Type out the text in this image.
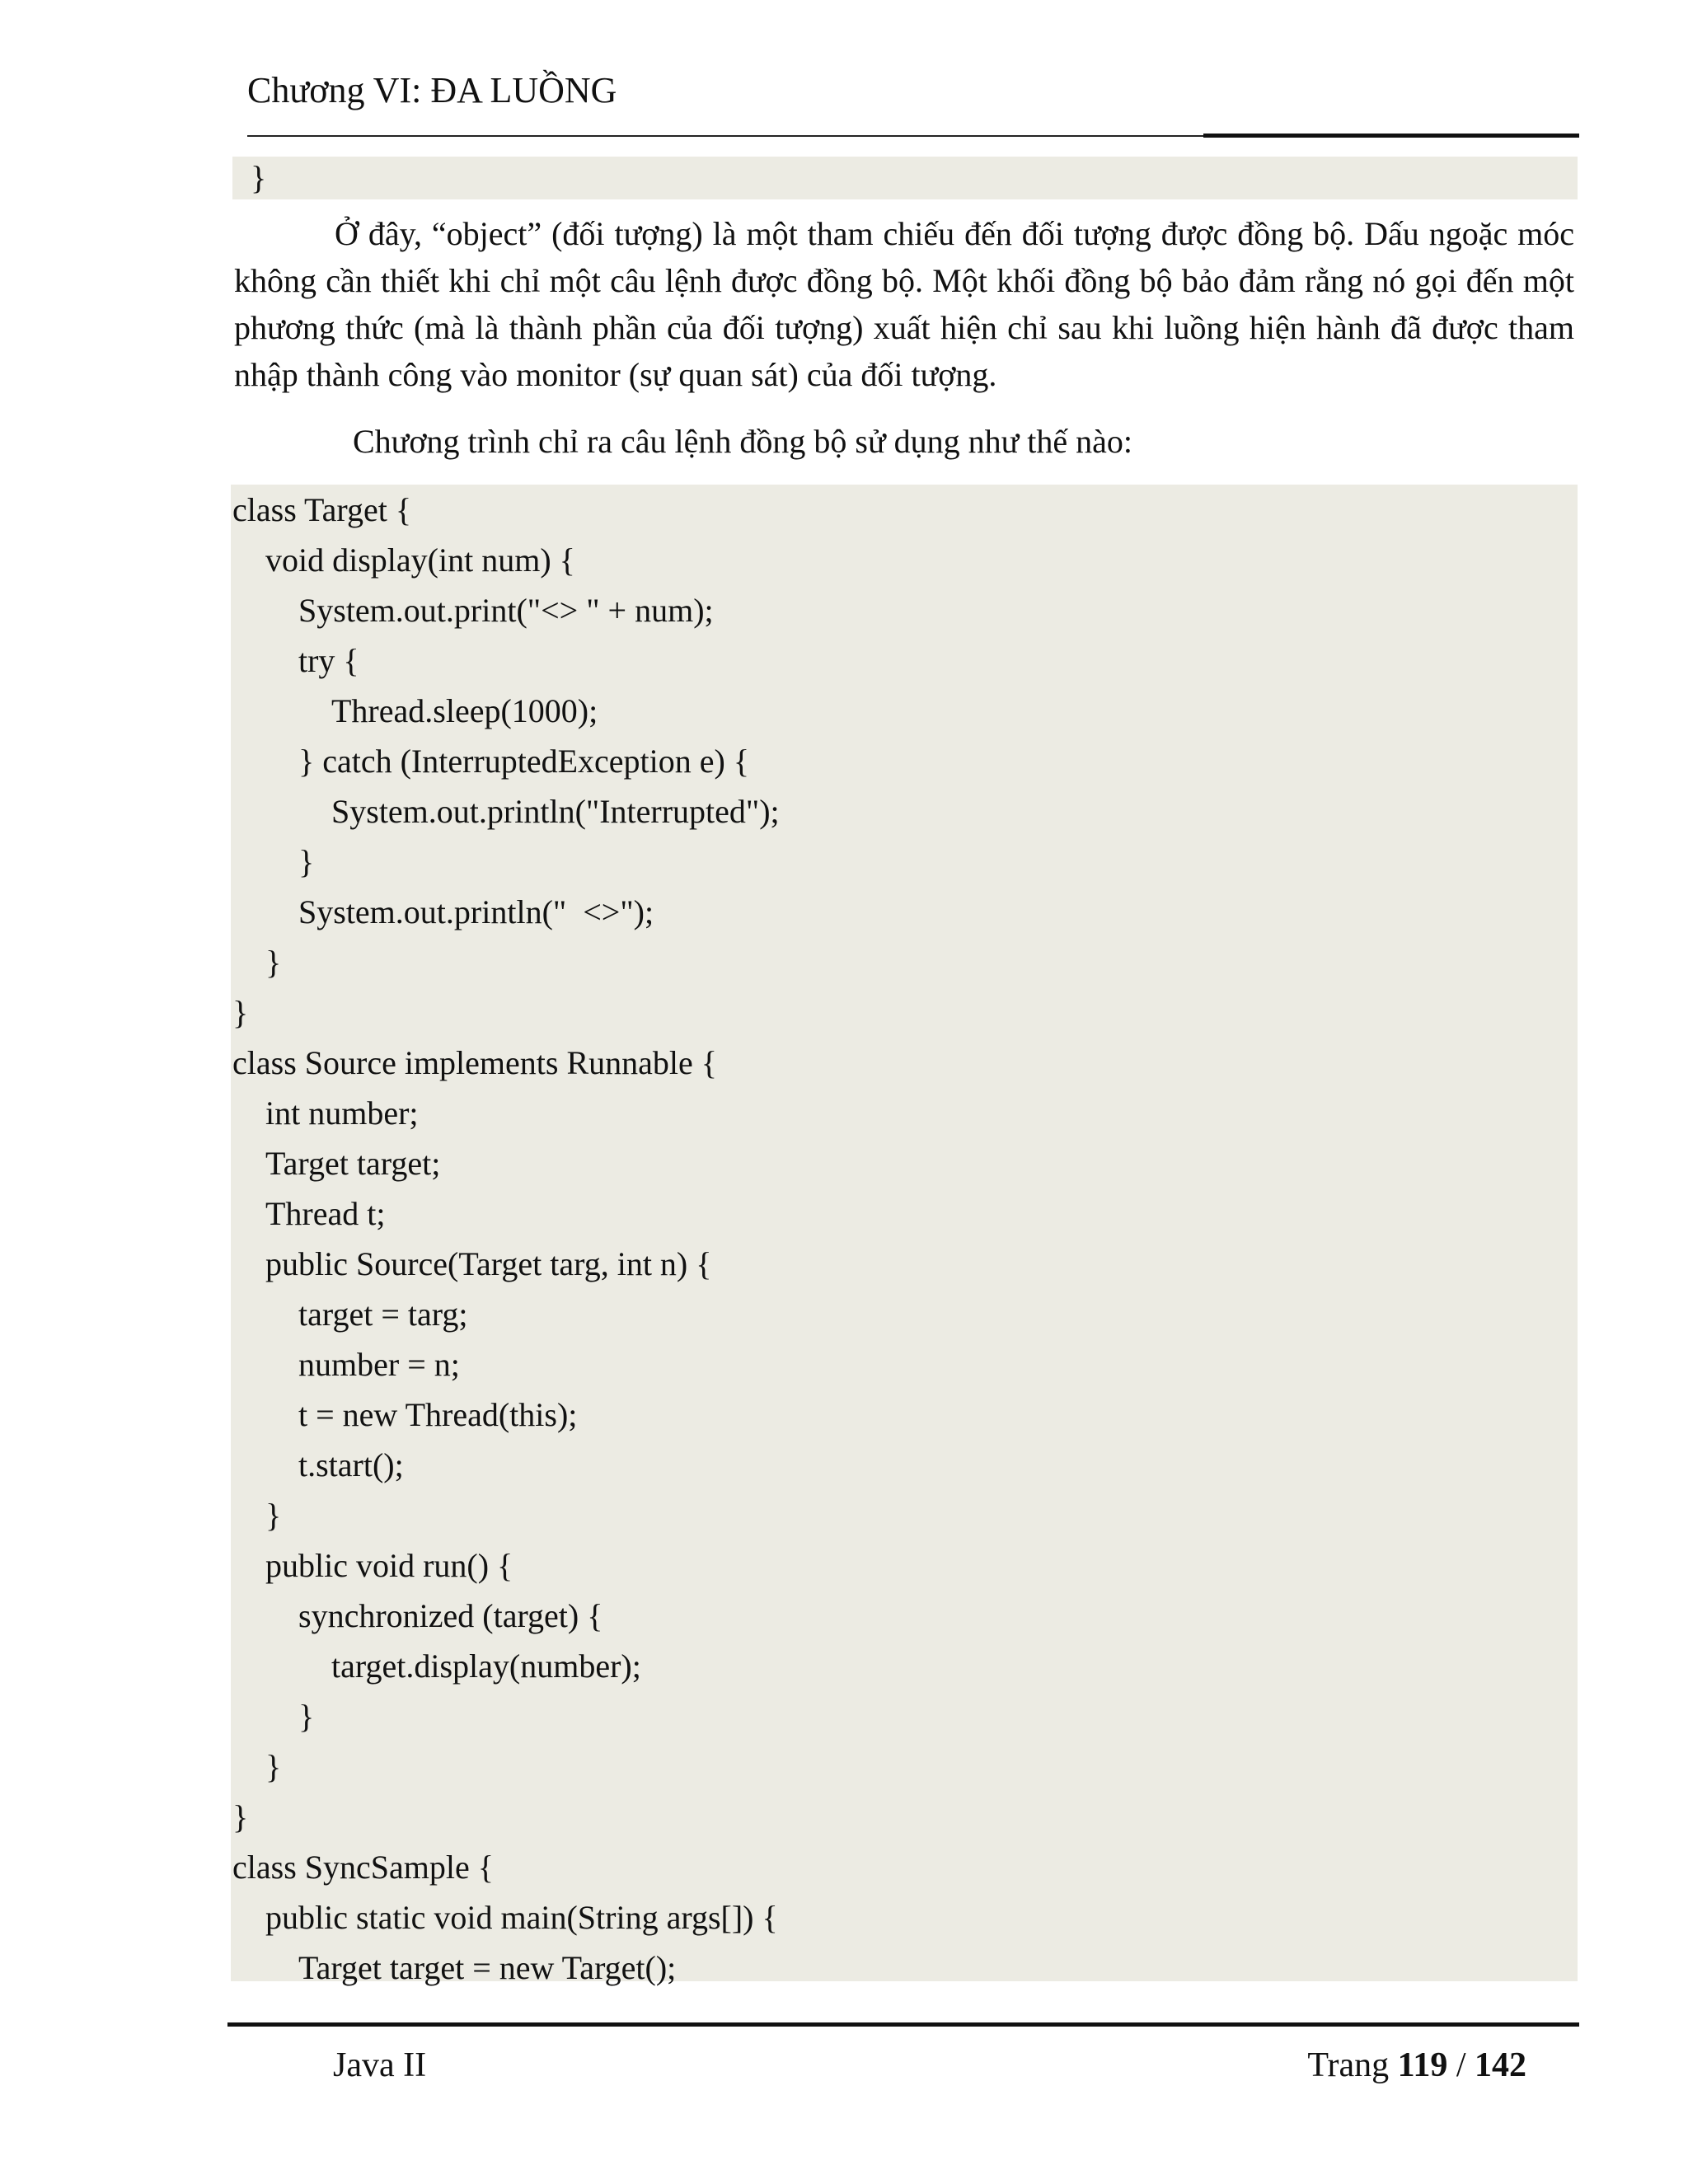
Chương VI: ĐA LUỒNG
}
Ở đây, “object” (đối tượng) là một tham chiếu đến đối tượng được đồng bộ. Dấu ngoặc móc không cần thiết khi chỉ một câu lệnh được đồng bộ. Một khối đồng bộ bảo đảm rằng nó gọi đến một phương thức (mà là thành phần của đối tượng) xuất hiện chỉ sau khi luồng hiện hành đã được tham nhập thành công vào monitor (sự quan sát) của đối tượng.
Chương trình chỉ ra câu lệnh đồng bộ sử dụng như thế nào:
class Target {
void display(int num) {
System.out.print("<> " + num);
try {
Thread.sleep(1000);
} catch (InterruptedException e) {
System.out.println("Interrupted");
}
System.out.println("  <>");
}
}
class Source implements Runnable {
int number;
Target target;
Thread t;
public Source(Target targ, int n) {
target = targ;
number = n;
t = new Thread(this);
t.start();
}
public void run() {
synchronized (target) {
target.display(number);
}
}
}
class SyncSample {
public static void main(String args[]) {
Target target = new Target();
Java II	Trang 119 / 142
